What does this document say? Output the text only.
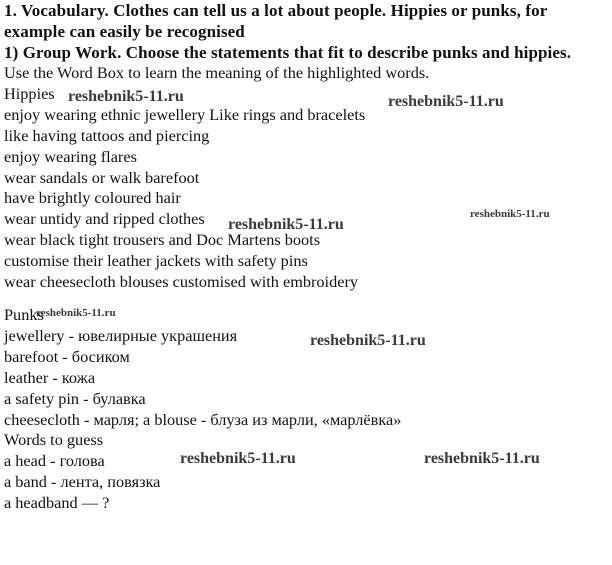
1. Vocabulary. Clothes can tell us a lot about people. Hippies or punks, for
example can easily be recognised
1) Group Work. Choose the statements that fit to describe punks and hippies.
Use the Word Box to learn the meaning of the highlighted words.
Hippies
enjoy wearing ethnic jewellery Like rings and bracelets
like having tattoos and piercing
enjoy wearing flares
wear sandals or walk barefoot
have brightly coloured hair
wear untidy and ripped clothes
wear black tight trousers and Doc Martens boots
customise their leather jackets with safety pins
wear cheesecloth blouses customised with embroidery
Punks
jewellery - ювелирные украшения
barefoot - босиком
leather - кожа
a safety pin - булавка
cheesecloth - марля; a blouse - блуза из марли, «марлёвка»
Words to guess
a head - голова
a band - лента, повязка
a headband — ?
reshebnik5-11.ru	reshebnik5-11.ru
reshebnik5-11.ru
reshebnik5-11.ru
reshebnik5-11.ru
reshebnik5-11.ru
reshebnik5-11.ru	reshebnik5-11.ru
